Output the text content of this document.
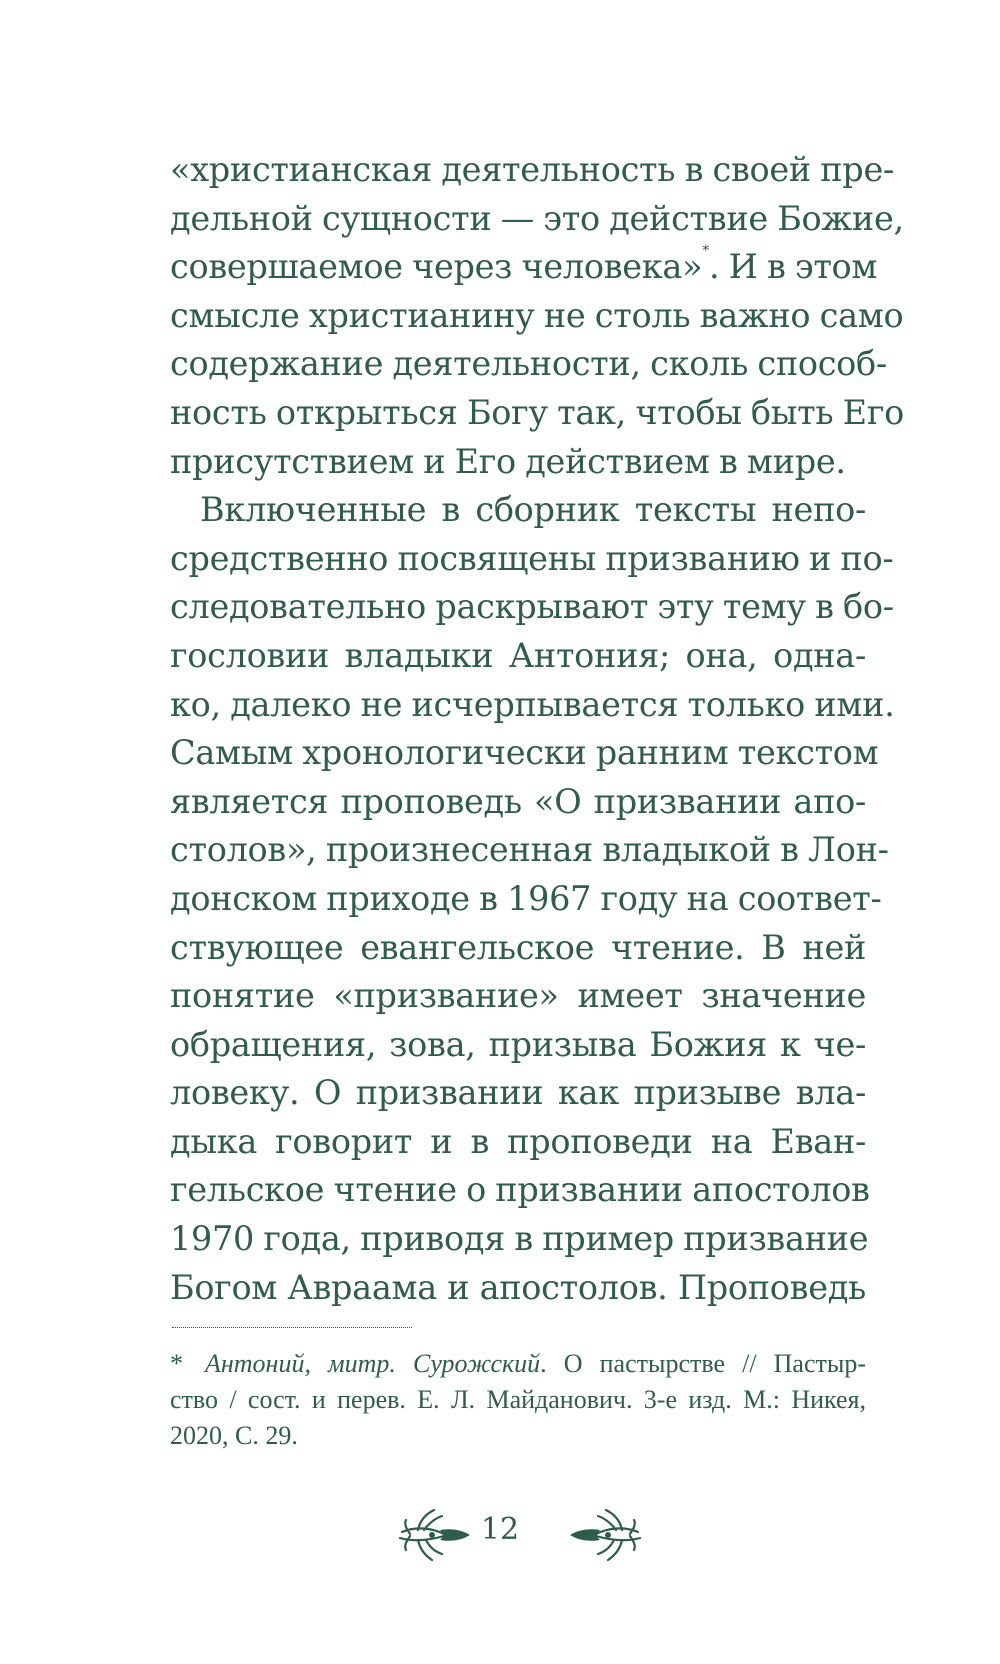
«христианская деятельность в своей пре-
дельной сущности — это действие Божие,
совершаемое через человека»*. И в этом
смысле христианину не столь важно само
содержание деятельности, сколь способ-
ность открыться Богу так, чтобы быть Его
присутствием и Его действием в мире.
Включенные в сборник тексты непо-
средственно посвящены призванию и по-
следовательно раскрывают эту тему в бо-
гословии владыки Антония; она, одна-
ко, далеко не исчерпывается только ими.
Самым хронологически ранним текстом
является проповедь «О призвании апо-
столов», произнесенная владыкой в Лон-
донском приходе в 1967 году на соответ-
ствующее евангельское чтение. В ней
понятие «призвание» имеет значение
обращения, зова, призыва Божия к че-
ловеку. О призвании как призыве вла-
дыка говорит и в проповеди на Еван-
гельское чтение о призвании апостолов
1970 года, приводя в пример призвание
Богом Авраама и апостолов. Проповедь
* Антоний, митр. Сурожский. О пастырстве // Пастыр-
ство / сост. и перев. Е. Л. Майданович. 3-е изд. М.: Никея,
2020, С. 29.
12
